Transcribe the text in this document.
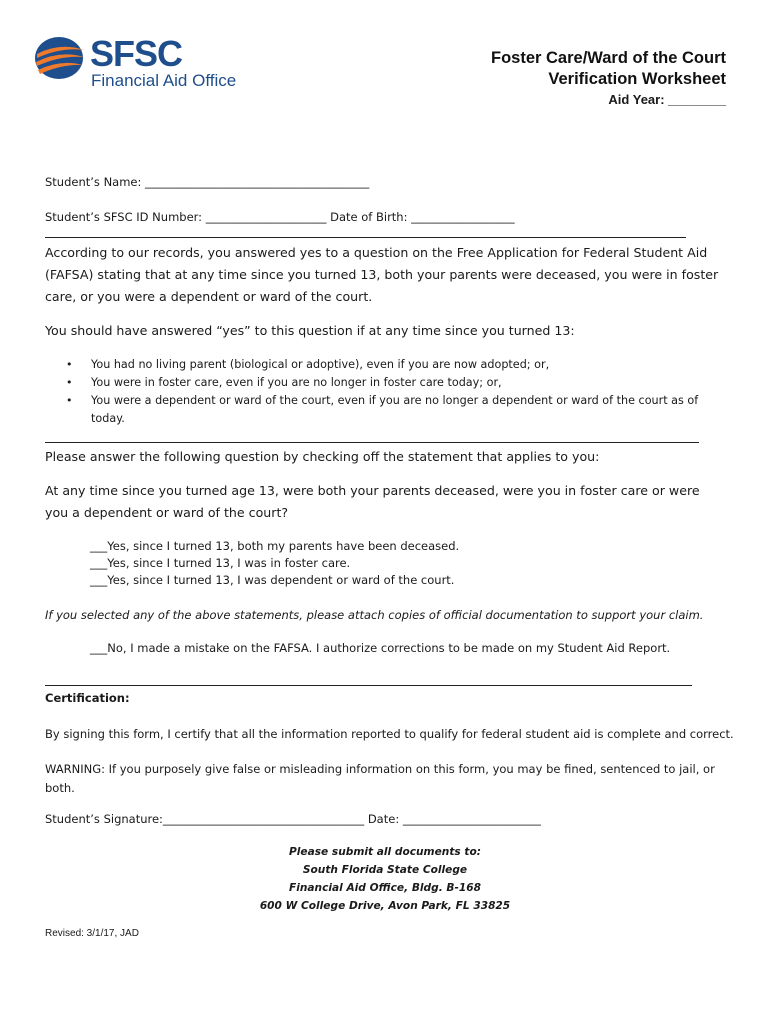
SFSC
Financial Aid Office
Foster Care/Ward of the Court
Verification Worksheet
Aid Year: ________
Student’s Name: _______________________________________
Student’s SFSC ID Number: _____________________ Date of Birth: __________________
According to our records, you answered yes to a question on the Free Application for Federal Student Aid (FAFSA) stating that at any time since you turned 13, both your parents were deceased, you were in foster care, or you were a dependent or ward of the court.
You should have answered “yes” to this question if at any time since you turned 13:
• You had no living parent (biological or adoptive), even if you are now adopted; or,
• You were in foster care, even if you are no longer in foster care today; or,
• You were a dependent or ward of the court, even if you are no longer a dependent or ward of the court as of today.
Please answer the following question by checking off the statement that applies to you:
At any time since you turned age 13, were both your parents deceased, were you in foster care or were you a dependent or ward of the court?
___Yes, since I turned 13, both my parents have been deceased.
___Yes, since I turned 13, I was in foster care.
___Yes, since I turned 13, I was dependent or ward of the court.
If you selected any of the above statements, please attach copies of official documentation to support your claim.
___No, I made a mistake on the FAFSA. I authorize corrections to be made on my Student Aid Report.
Certification:
By signing this form, I certify that all the information reported to qualify for federal student aid is complete and correct.
WARNING: If you purposely give false or misleading information on this form, you may be fined, sentenced to jail, or both.
Student’s Signature:___________________________________ Date: ________________________
Please submit all documents to:
South Florida State College
Financial Aid Office, Bldg. B-168
600 W College Drive, Avon Park, FL 33825
Revised: 3/1/17, JAD
